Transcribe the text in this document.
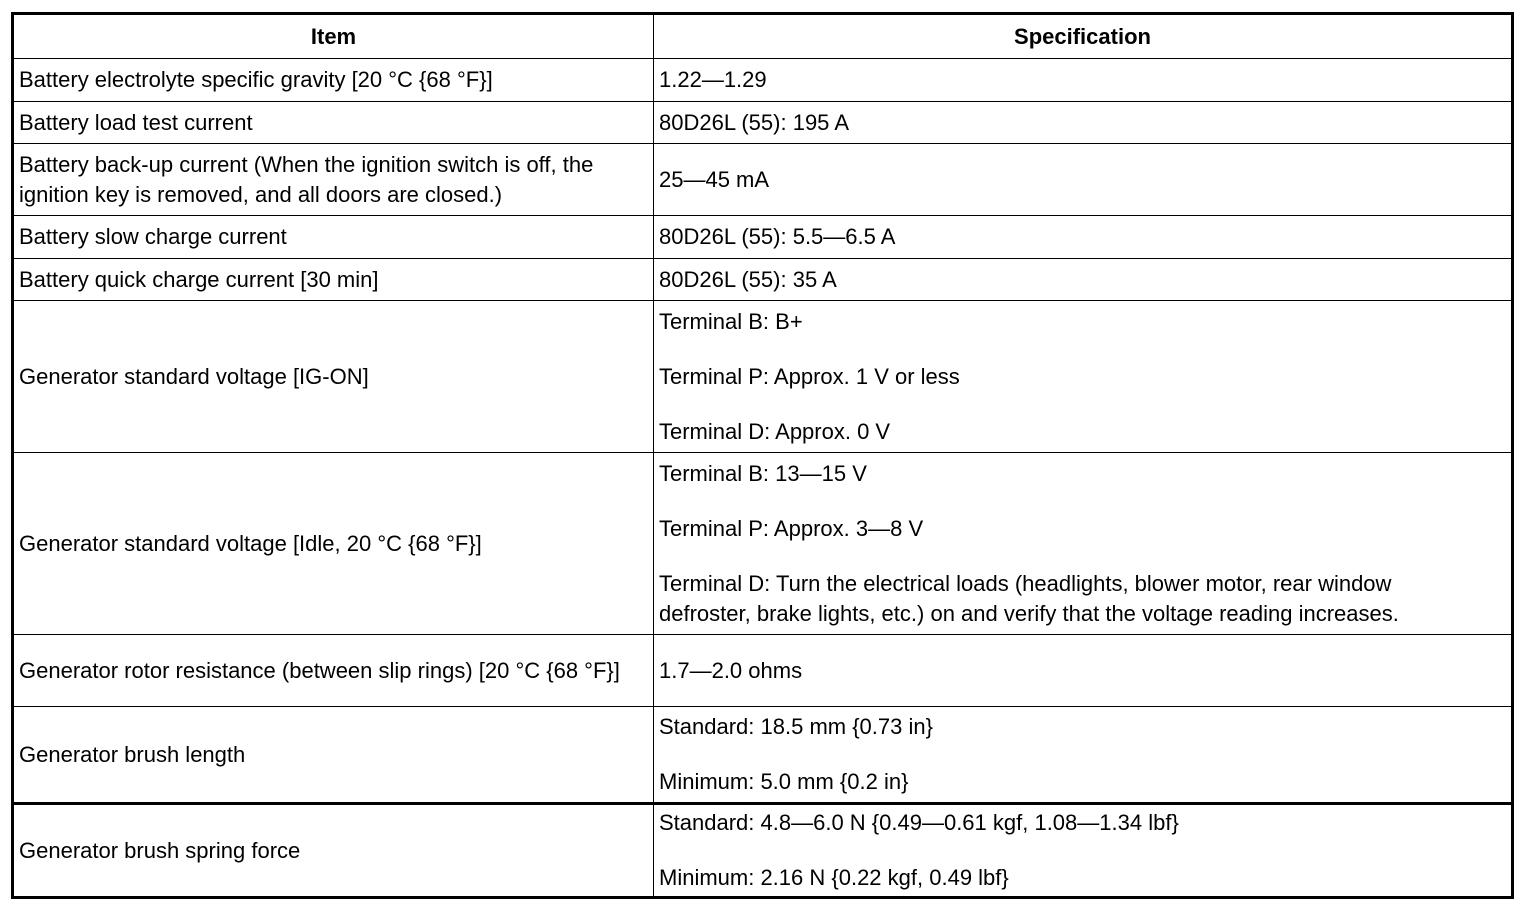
Item	Specification
Battery electrolyte specific gravity [20 °C {68 °F}]	1.22—1.29

Battery load test current	80D26L (55): 195 A

Battery back-up current (When the ignition switch is off, the ignition key is removed, and all doors are closed.)	25—45 mA

Battery slow charge current	80D26L (55): 5.5—6.5 A

Battery quick charge current [30 min]	80D26L (55): 35 A

Generator standard voltage [IG-ON]	Terminal B: B+
Terminal P: Approx. 1 V or less
Terminal D: Approx. 0 V

Generator standard voltage [Idle, 20 °C {68 °F}]	Terminal B: 13—15 V
Terminal P: Approx. 3—8 V
Terminal D: Turn the electrical loads (headlights, blower motor, rear window
defroster, brake lights, etc.) on and verify that the voltage reading increases.

Generator rotor resistance (between slip rings) [20 °C {68 °F}]	1.7—2.0 ohms

Generator brush length	Standard: 18.5 mm {0.73 in}
Minimum: 5.0 mm {0.2 in}

Generator brush spring force	Standard: 4.8—6.0 N {0.49—0.61 kgf, 1.08—1.34 lbf}
Minimum: 2.16 N {0.22 kgf, 0.49 lbf}
